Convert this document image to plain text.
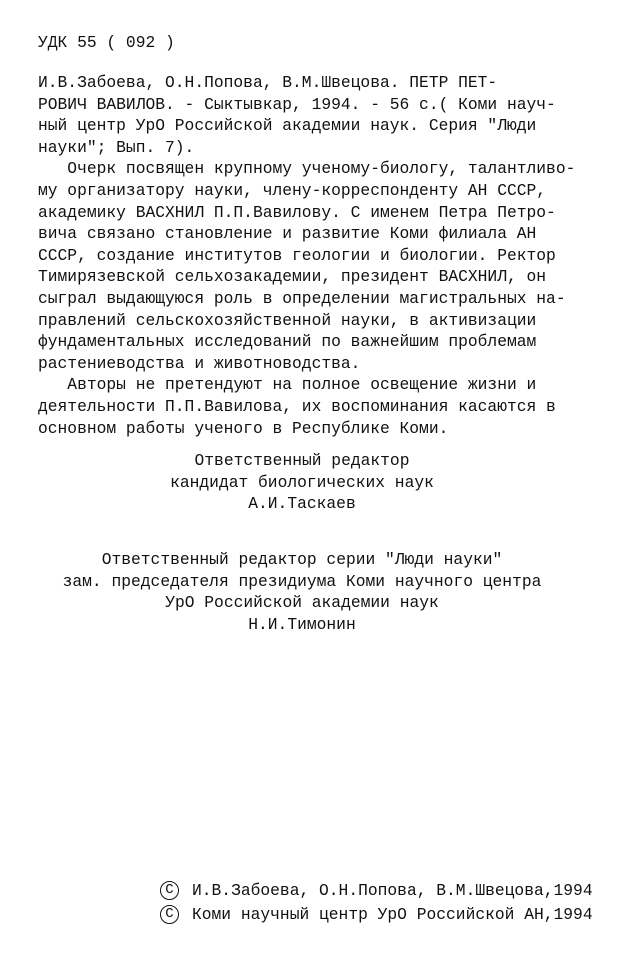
УДК 55 ( 092 )
И.В.Забоева, О.Н.Попова, В.М.Швецова. ПЕТР ПЕТ-
РОВИЧ ВАВИЛОВ. - Сыктывкар, 1994. - 56 с.( Коми науч-
ный центр УрО Российской академии наук. Серия "Люди
науки"; Вып. 7).
Очерк посвящен крупному ученому-биологу, талантливо-
му организатору науки, члену-корреспонденту АН СССР,
академику ВАСХНИЛ П.П.Вавилову. С именем Петра Петро-
вича связано становление и развитие Коми филиала АН
СССР, создание институтов геологии и биологии. Ректор
Тимирязевской сельхозакадемии, президент ВАСХНИЛ, он
сыграл выдающуюся роль в определении магистральных на-
правлений сельскохозяйственной науки, в активизации
фундаментальных исследований по важнейшим проблемам
растениеводства и животноводства.
Авторы не претендуют на полное освещение жизни и
деятельности П.П.Вавилова, их воспоминания касаются в
основном работы ученого в Республике Коми.
Ответственный редактор
кандидат биологических наук
А.И.Таскаев
Ответственный редактор серии "Люди науки"
зам. председателя президиума Коми научного центра
УрО Российской академии наук
Н.И.Тимонин
C	И.В.Забоева, О.Н.Попова, В.М.Швецова,1994
C	Коми научный центр УрО Российской АН,1994
